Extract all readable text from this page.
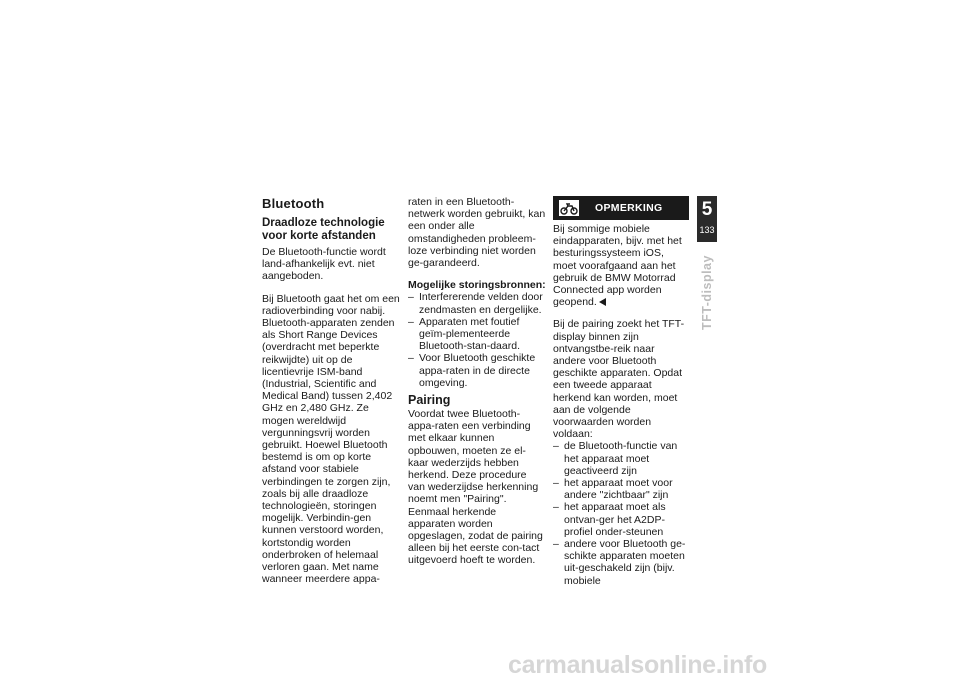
Bluetooth
Draadloze technologie voor korte afstanden

De Bluetooth-functie wordt land-afhankelijk evt. niet aangeboden.

Bij Bluetooth gaat het om een radioverbinding voor nabij. Bluetooth-apparaten zenden als Short Range Devices (overdracht met beperkte reikwijdte) uit op de licentievrije ISM-band (Industrial, Scientific and Medical Band) tussen 2,402 GHz en 2,480 GHz. Ze mogen wereldwijd vergunningsvrij worden gebruikt. Hoewel Bluetooth bestemd is om op korte afstand voor stabiele verbindingen te zorgen zijn, zoals bij alle draadloze technologieën, storingen mogelijk. Verbindin-gen kunnen verstoord worden, kortstondig worden onderbroken of helemaal verloren gaan. Met name wanneer meerdere appa-

raten in een Bluetooth-netwerk worden gebruikt, kan een onder alle omstandigheden probleem-loze verbinding niet worden ge-garandeerd.

Mogelijke storingsbronnen:
– Interfererende velden door zendmasten en dergelijke.
– Apparaten met foutief geïm-plementeerde Bluetooth-stan-daard.
– Voor Bluetooth geschikte appa-raten in de directe omgeving.
Pairing

Voordat twee Bluetooth-appa-raten een verbinding met elkaar kunnen opbouwen, moeten ze el-kaar wederzijds hebben herkend. Deze procedure van wederzijdse herkenning noemt men "Pairing". Eenmaal herkende apparaten worden opgeslagen, zodat de pairing alleen bij het eerste con-tact uitgevoerd hoeft te worden.

OPMERKING

Bij sommige mobiele eindapparaten, bijv. met het besturingssysteem iOS, moet voorafgaand aan het gebruik de BMW Motorrad Connected app worden geopend.

Bij de pairing zoekt het TFT-display binnen zijn ontvangstbe-reik naar andere voor Bluetooth geschikte apparaten. Opdat een tweede apparaat herkend kan worden, moet aan de volgende voorwaarden worden voldaan:

– de Bluetooth-functie van het apparaat moet geactiveerd zijn
– het apparaat moet voor andere "zichtbaar" zijn
– het apparaat moet als ontvan-ger het A2DP-profiel onder-steunen
– andere voor Bluetooth ge-schikte apparaten moeten uit-geschakeld zijn (bijv. mobiele
5
133
TFT-display
carmanualsonline.info
